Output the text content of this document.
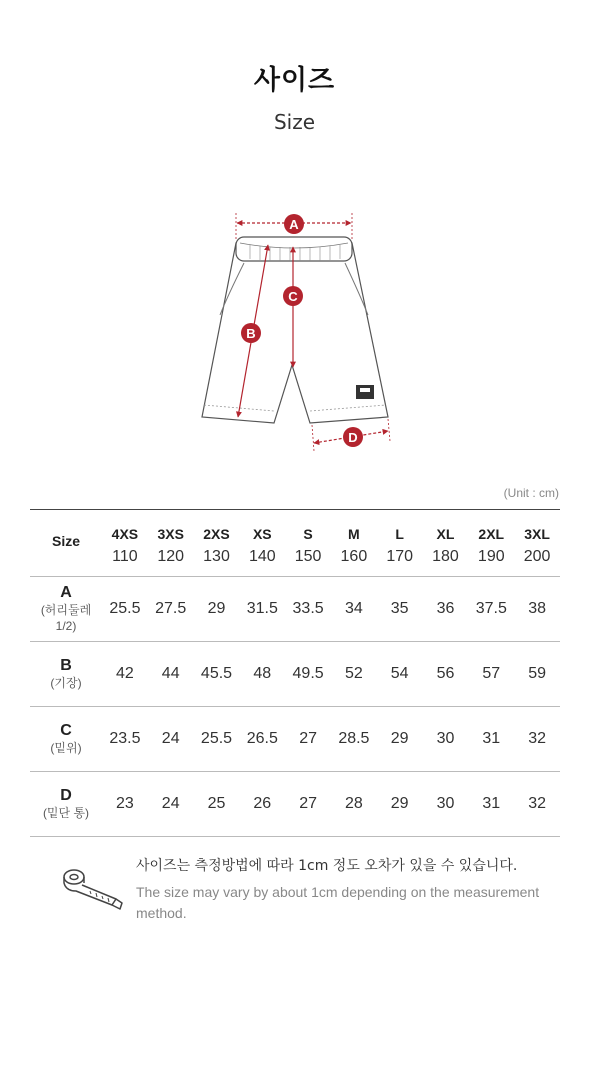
사이즈
Size
A
B
C
D
(Unit : cm)
Size	4XS	3XS	2XS	XS	S	M	L	XL	2XL	3XL
	110	120	130	140	150	160	170	180	190	200

A
(허리둘레 1/2)	25.5	27.5	29	31.5	33.5	34	35	36	37.5	38

B
(기장)	42	44	45.5	48	49.5	52	54	56	57	59

C
(밑위)	23.5	24	25.5	26.5	27	28.5	29	30	31	32

D
(밑단 통)	23	24	25	26	27	28	29	30	31	32
사이즈는 측정방법에 따라 1cm 정도 오차가 있을 수 있습니다.
The size may vary by about 1cm depending on the measurement method.
